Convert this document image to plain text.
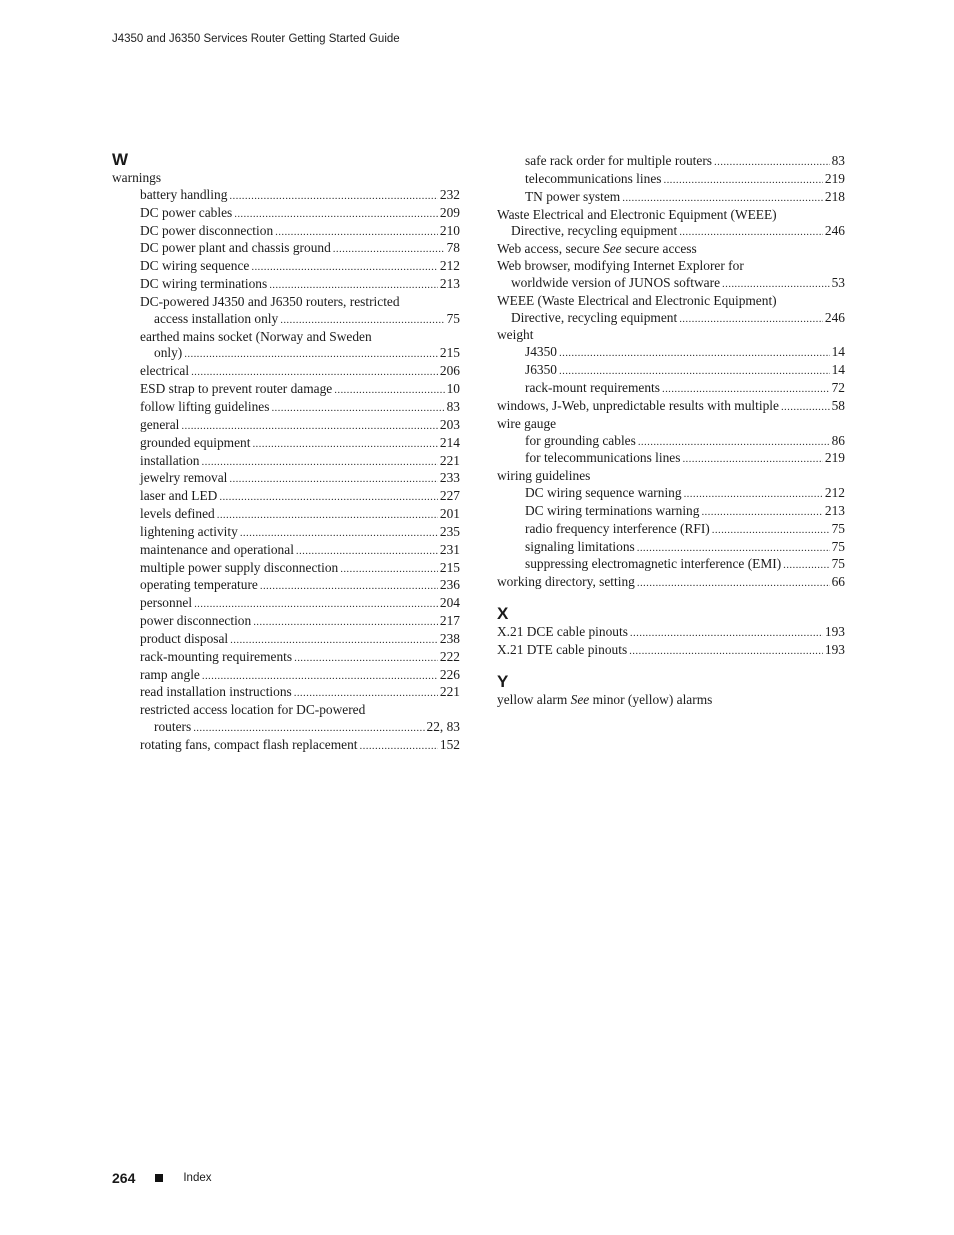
J4350 and J6350 Services Router Getting Started Guide
W
warnings
battery handling . . .	232
DC power cables . . .	209
DC power disconnection . . .	210
DC power plant and chassis ground . . .	78
DC wiring sequence . . .	212
DC wiring terminations . . .	213
DC-powered J4350 and J6350 routers, restricted
access installation only . . .	75
earthed mains socket (Norway and Sweden
only) . . .	215
electrical . . .	206
ESD strap to prevent router damage . . .	10
follow lifting guidelines . . .	83
general . . .	203
grounded equipment . . .	214
installation . . .	221
jewelry removal . . .	233
laser and LED . . .	227
levels defined . . .	201
lightening activity . . .	235
maintenance and operational . . .	231
multiple power supply disconnection . . .	215
operating temperature . . .	236
personnel . . .	204
power disconnection . . .	217
product disposal . . .	238
rack-mounting requirements . . .	222
ramp angle . . .	226
read installation instructions . . .	221
restricted access location for DC-powered
routers . . .	22, 83
rotating fans, compact flash replacement . . .	152
safe rack order for multiple routers . . .	83
telecommunications lines . . .	219
TN power system . . .	218
Waste Electrical and Electronic Equipment (WEEE)
Directive, recycling equipment . . .	246
Web access, secure See secure access
Web browser, modifying Internet Explorer for
worldwide version of JUNOS software . . .	53
WEEE (Waste Electrical and Electronic Equipment)
Directive, recycling equipment . . .	246
weight
J4350 . . .	14
J6350 . . .	14
rack-mount requirements . . .	72
windows, J-Web, unpredictable results with multiple . . .	58
wire gauge
for grounding cables . . .	86
for telecommunications lines . . .	219
wiring guidelines
DC wiring sequence warning . . .	212
DC wiring terminations warning . . .	213
radio frequency interference (RFI) . . .	75
signaling limitations . . .	75
suppressing electromagnetic interference (EMI) . . .	75
working directory, setting . . .	66
X
X.21 DCE cable pinouts . . .	193
X.21 DTE cable pinouts . . .	193
Y
yellow alarm See minor (yellow) alarms
264	Index
